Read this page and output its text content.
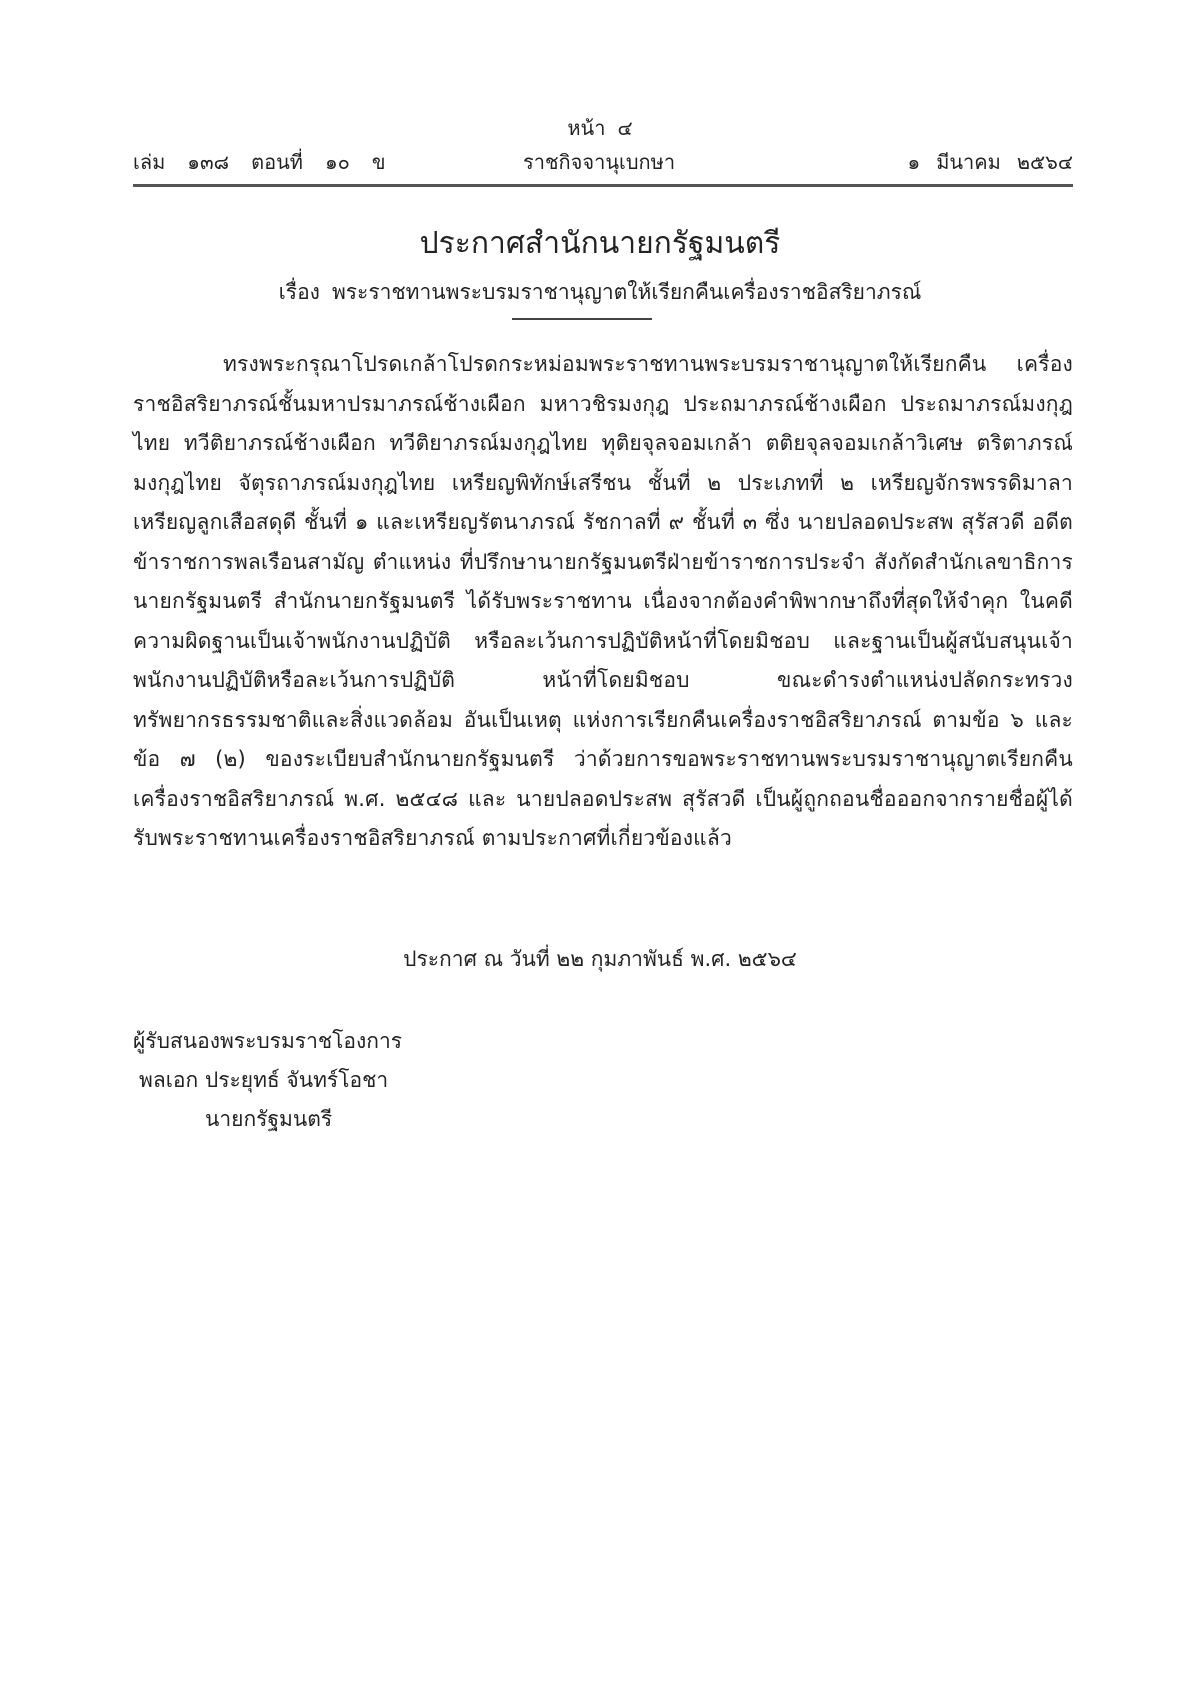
หน้า ๔
เล่ม ๑๓๘ ตอนที่ ๑๐ ข	ราชกิจจานุเบกษา	๑ มีนาคม ๒๕๖๔
ประกาศสำนักนายกรัฐมนตรี
เรื่อง พระราชทานพระบรมราชานุญาตให้เรียกคืนเครื่องราชอิสริยาภรณ์
ทรงพระกรุณาโปรดเกล้าโปรดกระหม่อมพระราชทานพระบรมราชานุญาตให้เรียกคืน เครื่องราชอิสริยาภรณ์ชั้นมหาปรมาภรณ์ช้างเผือก มหาวชิรมงกุฎ ประถมาภรณ์ช้างเผือก ประถมาภรณ์มงกุฎไทย ทวีติยาภรณ์ช้างเผือก ทวีติยาภรณ์มงกุฎไทย ทุติยจุลจอมเกล้า ตติยจุลจอมเกล้าวิเศษ ตริตาภรณ์มงกุฎไทย จัตุรถาภรณ์มงกุฎไทย เหรียญพิทักษ์เสรีชน ชั้นที่ ๒ ประเภทที่ ๒ เหรียญจักรพรรดิมาลา เหรียญลูกเสือสดุดี ชั้นที่ ๑ และเหรียญรัตนาภรณ์ รัชกาลที่ ๙ ชั้นที่ ๓ ซึ่ง นายปลอดประสพ สุรัสวดี อดีตข้าราชการพลเรือนสามัญ ตำแหน่ง ที่ปรึกษานายกรัฐมนตรีฝ่ายข้าราชการประจำ สังกัดสำนักเลขาธิการนายกรัฐมนตรี สำนักนายกรัฐมนตรี ได้รับพระราชทาน เนื่องจากต้องคำพิพากษาถึงที่สุดให้จำคุก ในคดีความผิดฐานเป็นเจ้าพนักงานปฏิบัติ หรือละเว้นการปฏิบัติหน้าที่โดยมิชอบ และฐานเป็นผู้สนับสนุนเจ้าพนักงานปฏิบัติหรือละเว้นการปฏิบัติ หน้าที่โดยมิชอบ ขณะดำรงตำแหน่งปลัดกระทรวงทรัพยากรธรรมชาติและสิ่งแวดล้อม อันเป็นเหตุ แห่งการเรียกคืนเครื่องราชอิสริยาภรณ์ ตามข้อ ๖ และ ข้อ ๗ (๒) ของระเบียบสำนักนายกรัฐมนตรี ว่าด้วยการขอพระราชทานพระบรมราชานุญาตเรียกคืนเครื่องราชอิสริยาภรณ์ พ.ศ. ๒๕๔๘ และ นายปลอดประสพ สุรัสวดี เป็นผู้ถูกถอนชื่อออกจากรายชื่อผู้ได้รับพระราชทานเครื่องราชอิสริยาภรณ์ ตามประกาศที่เกี่ยวข้องแล้ว
ประกาศ ณ วันที่ ๒๒ กุมภาพันธ์ พ.ศ. ๒๕๖๔
ผู้รับสนองพระบรมราชโองการ
พลเอก ประยุทธ์ จันทร์โอชา
นายกรัฐมนตรี
